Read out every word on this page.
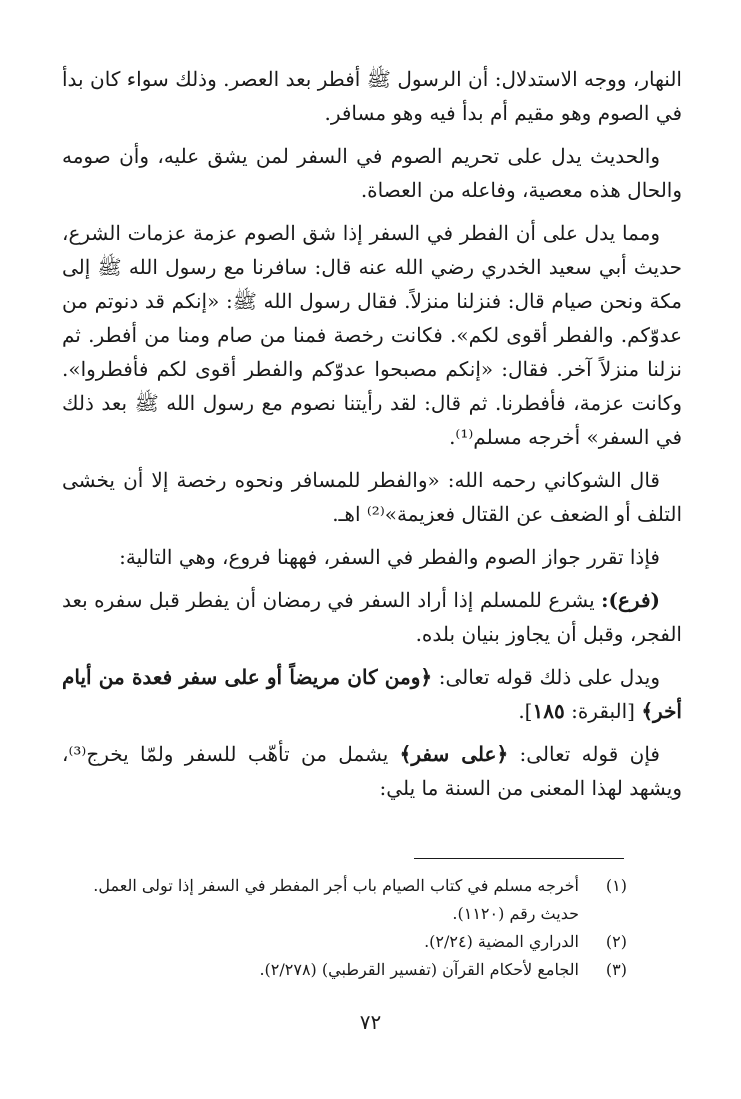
النهار، ووجه الاستدلال: أن الرسول ﷺ أفطر بعد العصر. وذلك سواء كان بدأ في الصوم وهو مقيم أم بدأ فيه وهو مسافر.

والحديث يدل على تحريم الصوم في السفر لمن يشق عليه، وأن صومه والحال هذه معصية، وفاعله من العصاة.

ومما يدل على أن الفطر في السفر إذا شق الصوم عزمة عزمات الشرع، حديث أبي سعيد الخدري رضي الله عنه قال: سافرنا مع رسول الله ﷺ إلى مكة ونحن صيام قال: فنزلنا منزلاً. فقال رسول الله ﷺ: «إنكم قد دنوتم من عدوّكم. والفطر أقوى لكم». فكانت رخصة فمنا من صام ومنا من أفطر. ثم نزلنا منزلاً آخر. فقال: «إنكم مصبحوا عدوّكم والفطر أقوى لكم فأفطروا». وكانت عزمة، فأفطرنا. ثم قال: لقد رأيتنا نصوم مع رسول الله ﷺ بعد ذلك في السفر» أخرجه مسلم⁽¹⁾.

قال الشوكاني رحمه الله: «والفطر للمسافر ونحوه رخصة إلا أن يخشى التلف أو الضعف عن القتال فعزيمة»⁽²⁾ اهـ.

فإذا تقرر جواز الصوم والفطر في السفر، فههنا فروع، وهي التالية:

(فرع): يشرع للمسلم إذا أراد السفر في رمضان أن يفطر قبل سفره بعد الفجر، وقبل أن يجاوز بنيان بلده.

ويدل على ذلك قوله تعالى: ﴿ومن كان مريضاً أو على سفر فعدة من أيام أخر﴾ [البقرة: ١٨٥].

فإن قوله تعالى: ﴿على سفر﴾ يشمل من تأهّب للسفر ولمّا يخرج⁽³⁾، ويشهد لهذا المعنى من السنة ما يلي:

(١)
أخرجه مسلم في كتاب الصيام باب أجر المفطر في السفر إذا تولى العمل. حديث رقم (١١٢٠).
(٢)
الدراري المضية (٢/٢٤).
(٣)
الجامع لأحكام القرآن (تفسير القرطبي) (٢/٢٧٨).
٧٢
